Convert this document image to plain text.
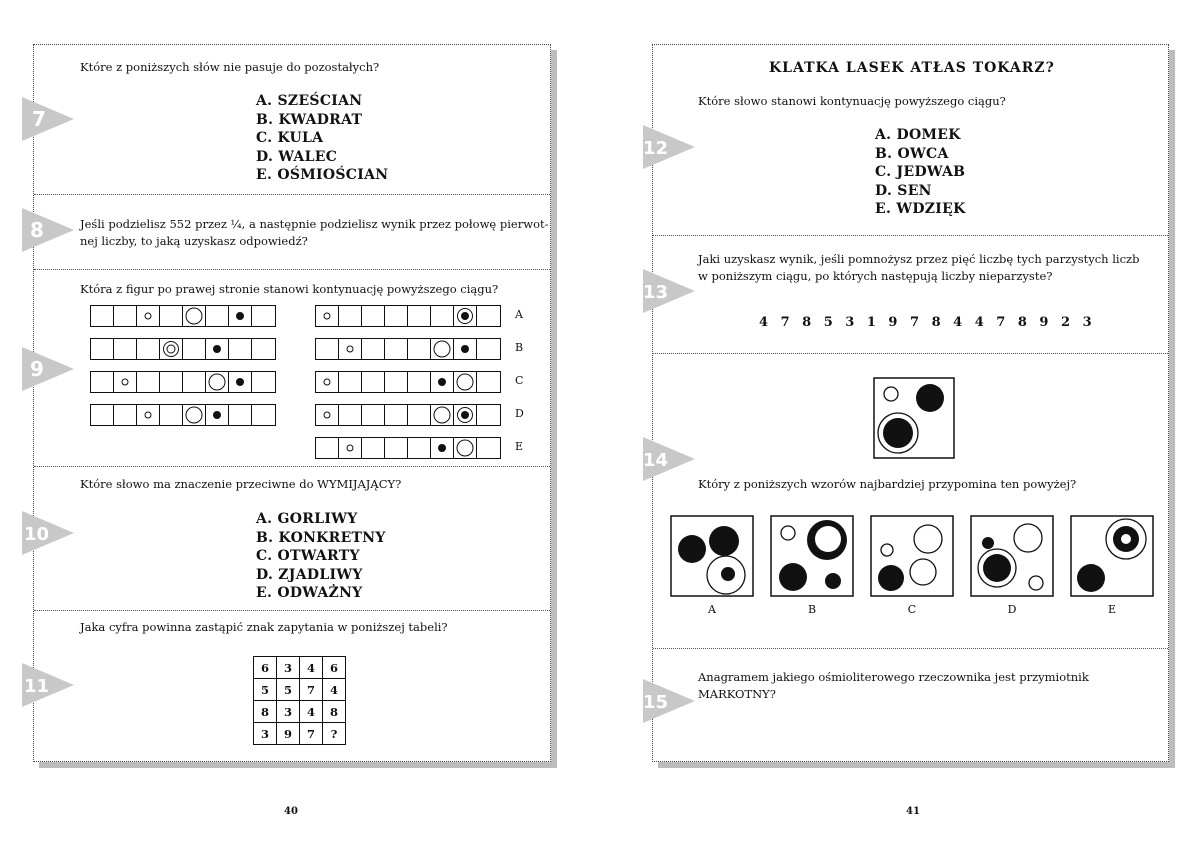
7
Które z poniższych słów nie pasuje do pozostałych?
A. SZEŚCIAN
B. KWADRAT
C. KULA
D. WALEC
E. OŚMIOŚCIAN
8	Jeśli podzielisz 552 przez ¼, a następnie podzielisz wynik przez połowę pierwot-
nej liczby, to jaką uzyskasz odpowiedź?
9
Która z figur po prawej stronie stanowi kontynuację powyższego ciągu?
A
B
C
D
E
10
Które słowo ma znaczenie przeciwne do WYMIJAJĄCY?
A. GORLIWY
B. KONKRETNY
C. OTWARTY
D. ZJADLIWY
E. ODWAŻNY
11
Jaka cyfra powinna zastąpić znak zapytania w poniższej tabeli?
6	3	4	6
5	5	7	4
8	3	4	8
3	9	7	?
40
KLATKA LASEK ATŁAS TOKARZ?
12
Które słowo stanowi kontynuację powyższego ciągu?
A. DOMEK
B. OWCA
C. JEDWAB
D. SEN
E. WDZIĘK
13
Jaki uzyskasz wynik, jeśli pomnożysz przez pięć liczbę tych parzystych liczb
w poniższym ciągu, po których następują liczby nieparzyste?
4 7 8 5 3 1 9 7 8 4 4 7 8 9 2 3
14
Który z poniższych wzorów najbardziej przypomina ten powyżej?
A	B	C	D	E
15
Anagramem jakiego ośmioliterowego rzeczownika jest przymiotnik
MARKOTNY?
41
